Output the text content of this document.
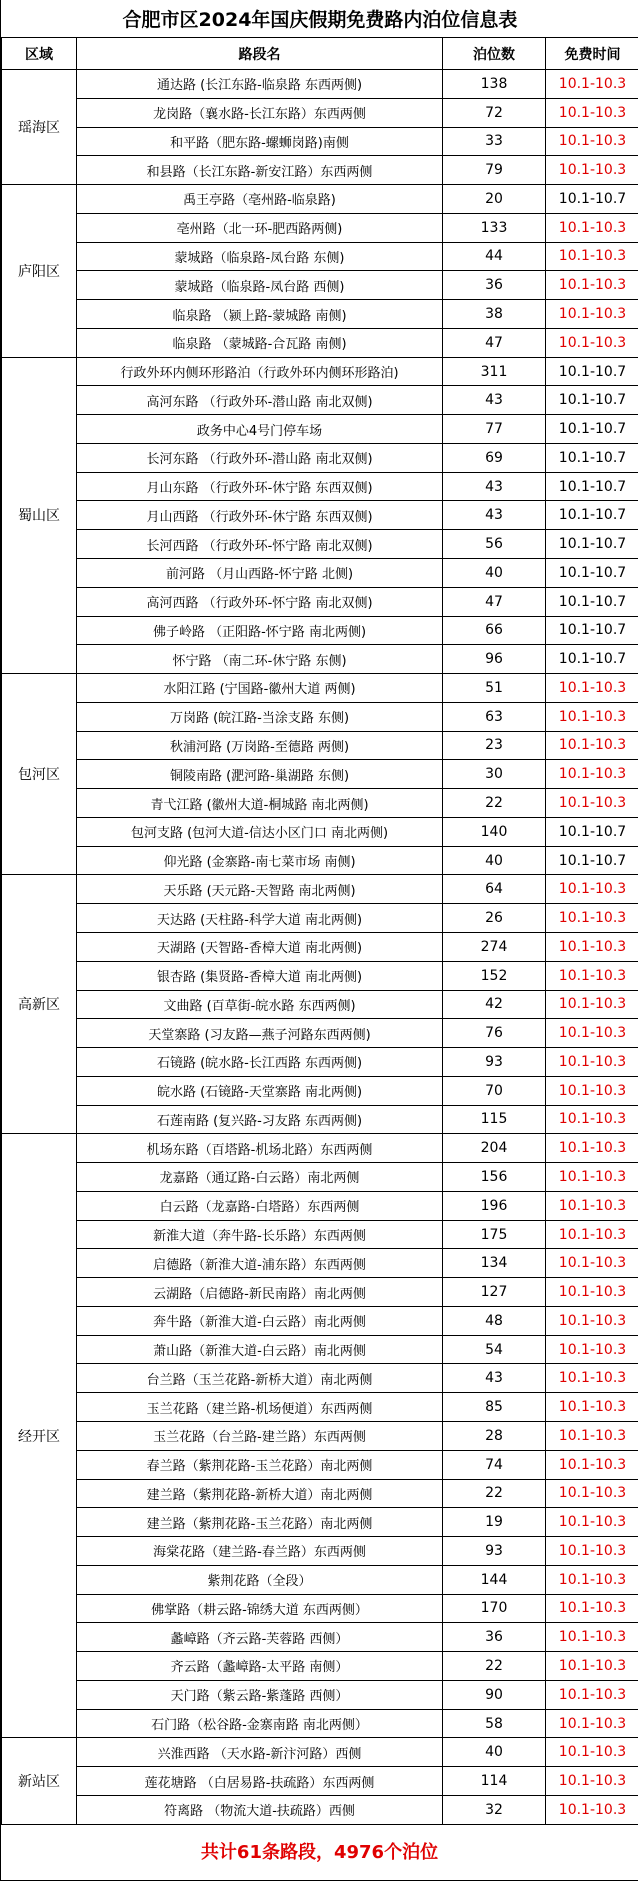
合肥市区2024年国庆假期免费路内泊位信息表
区域	路段名	泊位数	免费时间
瑶海区	通达路 (长江东路-临泉路 东西两侧)	138	10.1-10.3
	龙岗路（襄水路-长江东路）东西两侧	72	10.1-10.3
	和平路（肥东路-螺蛳岗路)南侧	33	10.1-10.3
	和县路（长江东路-新安江路）东西两侧	79	10.1-10.3
庐阳区	禹王亭路（亳州路-临泉路)	20	10.1-10.7
	亳州路（北一环-肥西路两侧)	133	10.1-10.3
	蒙城路（临泉路-凤台路 东侧)	44	10.1-10.3
	蒙城路（临泉路-凤台路 西侧)	36	10.1-10.3
	临泉路 （颍上路-蒙城路 南侧)	38	10.1-10.3
	临泉路 （蒙城路-合瓦路 南侧)	47	10.1-10.3
蜀山区	行政外环内侧环形路泊（行政外环内侧环形路泊)	311	10.1-10.7
	高河东路 （行政外环-潜山路 南北双侧)	43	10.1-10.7
	政务中心4号门停车场	77	10.1-10.7
	长河东路 （行政外环-潜山路 南北双侧)	69	10.1-10.7
	月山东路 （行政外环-休宁路 东西双侧)	43	10.1-10.7
	月山西路 （行政外环-休宁路 东西双侧)	43	10.1-10.7
	长河西路 （行政外环-怀宁路 南北双侧)	56	10.1-10.7
	前河路 （月山西路-怀宁路 北侧)	40	10.1-10.7
	高河西路 （行政外环-怀宁路 南北双侧)	47	10.1-10.7
	佛子岭路 （正阳路-怀宁路 南北两侧)	66	10.1-10.7
	怀宁路 （南二环-休宁路 东侧)	96	10.1-10.7
包河区	水阳江路 (宁国路-徽州大道 两侧)	51	10.1-10.3
	万岗路 (皖江路-当涂支路 东侧)	63	10.1-10.3
	秋浦河路 (万岗路-至德路 两侧)	23	10.1-10.3
	铜陵南路 (淝河路-巢湖路 东侧)	30	10.1-10.3
	青弋江路 (徽州大道-桐城路 南北两侧)	22	10.1-10.3
	包河支路 (包河大道-信达小区门口 南北两侧)	140	10.1-10.7
	仰光路 (金寨路-南七菜市场 南侧)	40	10.1-10.7
高新区	天乐路 (天元路-天智路 南北两侧)	64	10.1-10.3
	天达路 (天柱路-科学大道 南北两侧)	26	10.1-10.3
	天湖路 (天智路-香樟大道 南北两侧)	274	10.1-10.3
	银杏路 (集贤路-香樟大道 南北两侧)	152	10.1-10.3
	文曲路 (百草街-皖水路 东西两侧)	42	10.1-10.3
	天堂寨路 (习友路—燕子河路东西两侧)	76	10.1-10.3
	石镜路 (皖水路-长江西路 东西两侧)	93	10.1-10.3
	皖水路 (石镜路-天堂寨路 南北两侧)	70	10.1-10.3
	石莲南路 (复兴路-习友路 东西两侧)	115	10.1-10.3
经开区	机场东路（百塔路-机场北路）东西两侧	204	10.1-10.3
	龙嘉路（通辽路-白云路）南北两侧	156	10.1-10.3
	白云路（龙嘉路-白塔路）东西两侧	196	10.1-10.3
	新淮大道（奔牛路-长乐路）东西两侧	175	10.1-10.3
	启德路（新淮大道-浦东路）东西两侧	134	10.1-10.3
	云湖路（启德路-新民南路）南北两侧	127	10.1-10.3
	奔牛路（新淮大道-白云路）南北两侧	48	10.1-10.3
	萧山路（新淮大道-白云路）南北两侧	54	10.1-10.3
	台兰路（玉兰花路-新桥大道）南北两侧	43	10.1-10.3
	玉兰花路（建兰路-机场便道）东西两侧	85	10.1-10.3
	玉兰花路（台兰路-建兰路）东西两侧	28	10.1-10.3
	春兰路（紫荆花路-玉兰花路）南北两侧	74	10.1-10.3
	建兰路（紫荆花路-新桥大道）南北两侧	22	10.1-10.3
	建兰路（紫荆花路-玉兰花路）南北两侧	19	10.1-10.3
	海棠花路（建兰路-春兰路）东西两侧	93	10.1-10.3
	紫荆花路（全段）	144	10.1-10.3
	佛掌路（耕云路-锦绣大道 东西两侧）	170	10.1-10.3
	蠡嶂路（齐云路-芙蓉路 西侧）	36	10.1-10.3
	齐云路（蠡嶂路-太平路 南侧）	22	10.1-10.3
	天门路（紫云路-紫蓬路 西侧）	90	10.1-10.3
	石门路（松谷路-金寨南路 南北两侧）	58	10.1-10.3
新站区	兴淮西路 （天水路-新汴河路）西侧	40	10.1-10.3
	莲花塘路 （白居易路-扶疏路）东西两侧	114	10.1-10.3
	符离路 （物流大道-扶疏路）西侧	32	10.1-10.3
共计61条路段，4976个泊位
